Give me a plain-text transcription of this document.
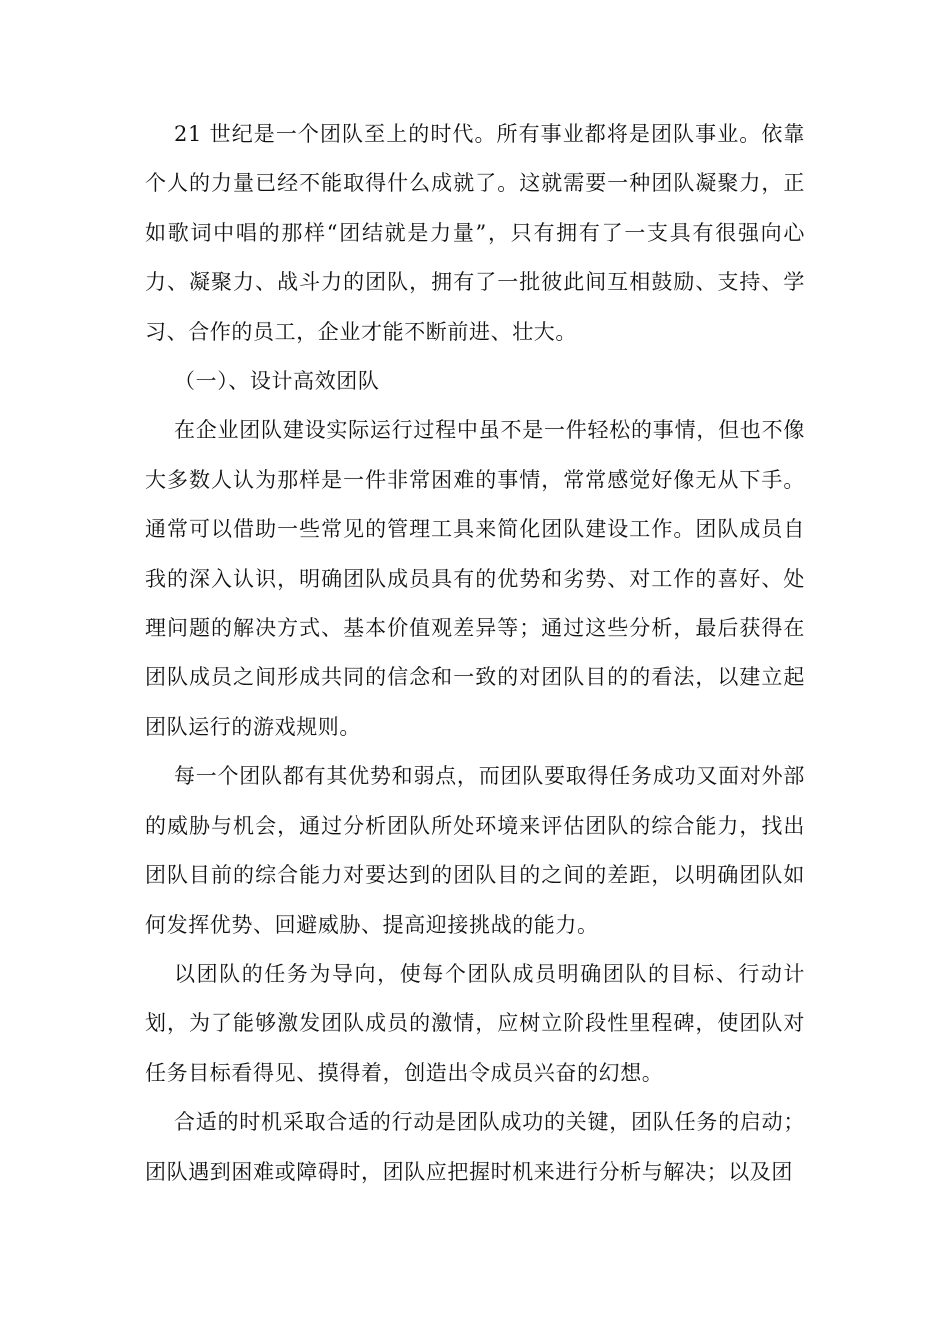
21 世纪是一个团队至上的时代。所有事业都将是团队事业。依靠个人的力量已经不能取得什么成就了。这就需要一种团队凝聚力，正如歌词中唱的那样“团结就是力量”，只有拥有了一支具有很强向心力、凝聚力、战斗力的团队，拥有了一批彼此间互相鼓励、支持、学习、合作的员工，企业才能不断前进、壮大。

（一）、设计高效团队

在企业团队建设实际运行过程中虽不是一件轻松的事情，但也不像大多数人认为那样是一件非常困难的事情，常常感觉好像无从下手。通常可以借助一些常见的管理工具来简化团队建设工作。团队成员自我的深入认识，明确团队成员具有的优势和劣势、对工作的喜好、处理问题的解决方式、基本价值观差异等；通过这些分析，最后获得在团队成员之间形成共同的信念和一致的对团队目的的看法，以建立起团队运行的游戏规则。

每一个团队都有其优势和弱点，而团队要取得任务成功又面对外部的威胁与机会，通过分析团队所处环境来评估团队的综合能力，找出团队目前的综合能力对要达到的团队目的之间的差距，以明确团队如何发挥优势、回避威胁、提高迎接挑战的能力。

以团队的任务为导向，使每个团队成员明确团队的目标、行动计划，为了能够激发团队成员的激情，应树立阶段性里程碑，使团队对任务目标看得见、摸得着，创造出令成员兴奋的幻想。

合适的时机采取合适的行动是团队成功的关键，团队任务的启动；团队遇到困难或障碍时，团队应把握时机来进行分析与解决；以及团
